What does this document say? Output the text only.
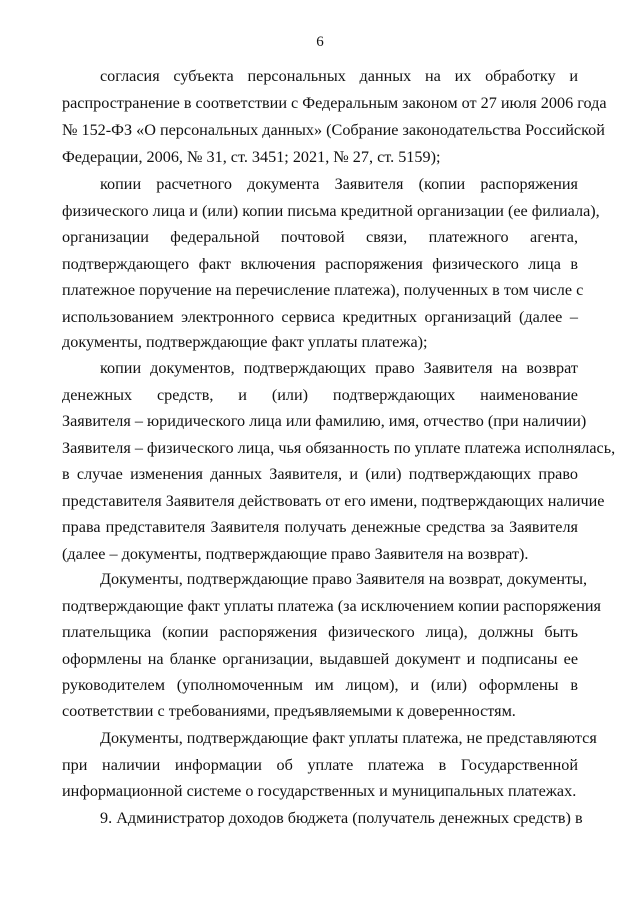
6
согласия субъекта персональных данных на их обработку и
распространение в соответствии с Федеральным законом от 27 июля 2006 года
№ 152-ФЗ «О персональных данных» (Собрание законодательства Российской
Федерации, 2006, № 31, ст. 3451; 2021, № 27, ст. 5159);
копии расчетного документа Заявителя (копии распоряжения
физического лица и (или) копии письма кредитной организации (ее филиала),
организации федеральной почтовой связи, платежного агента,
подтверждающего факт включения распоряжения физического лица в
платежное поручение на перечисление платежа), полученных в том числе с
использованием электронного сервиса кредитных организаций (далее –
документы, подтверждающие факт уплаты платежа);
копии документов, подтверждающих право Заявителя на возврат
денежных средств, и (или) подтверждающих наименование
Заявителя – юридического лица или фамилию, имя, отчество (при наличии)
Заявителя – физического лица, чья обязанность по уплате платежа исполнялась,
в случае изменения данных Заявителя, и (или) подтверждающих право
представителя Заявителя действовать от его имени, подтверждающих наличие
права представителя Заявителя получать денежные средства за Заявителя
(далее – документы, подтверждающие право Заявителя на возврат).
Документы, подтверждающие право Заявителя на возврат, документы,
подтверждающие факт уплаты платежа (за исключением копии распоряжения
плательщика (копии распоряжения физического лица), должны быть
оформлены на бланке организации, выдавшей документ и подписаны ее
руководителем (уполномоченным им лицом), и (или) оформлены в
соответствии с требованиями, предъявляемыми к доверенностям.
Документы, подтверждающие факт уплаты платежа, не представляются
при наличии информации об уплате платежа в Государственной
информационной системе о государственных и муниципальных платежах.
9. Администратор доходов бюджета (получатель денежных средств) в
